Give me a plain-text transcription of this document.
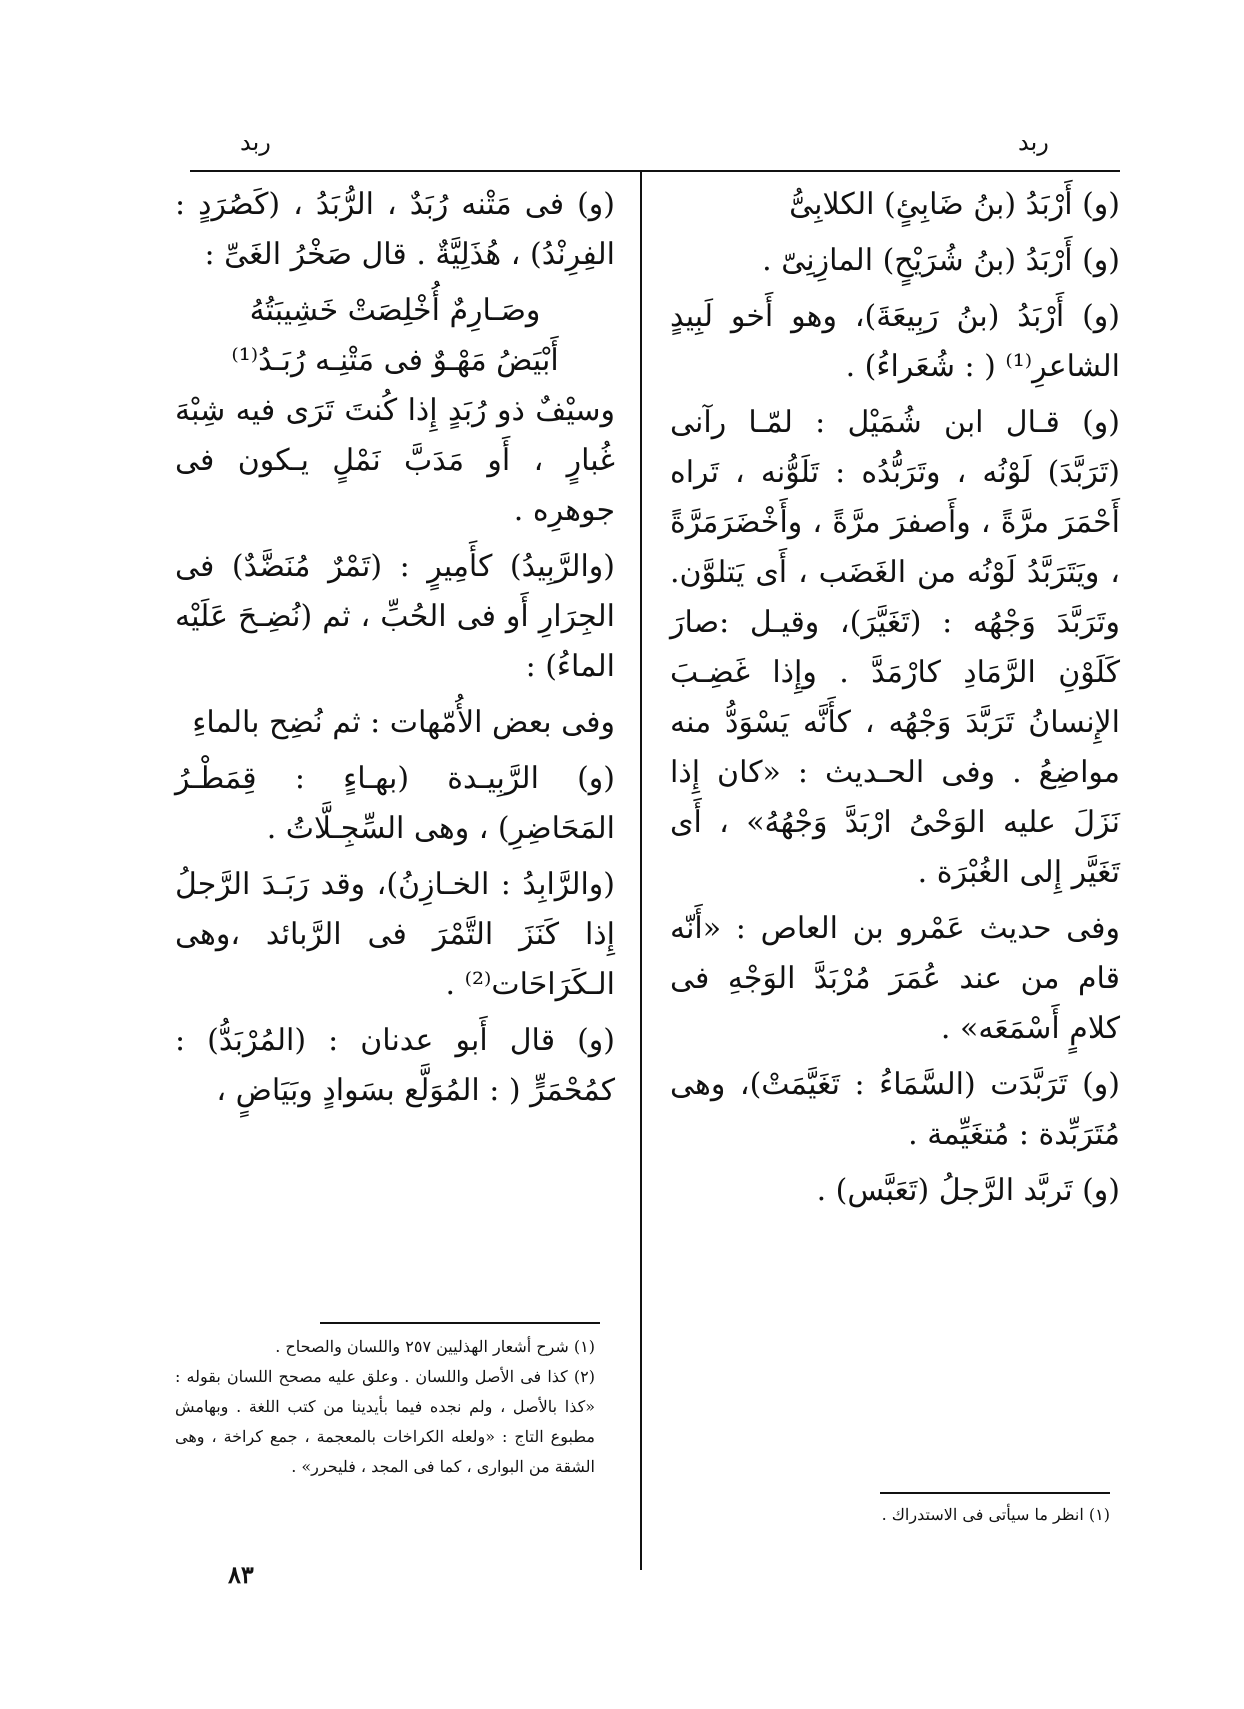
ربد
ربد

(و) أَرْبَدُ (بنُ ضَابِئٍ) الكلابِىُّ

(و) أَرْبَدُ (بنُ شُرَيْحٍ) المازِنِىّ .

(و) أَرْبَدُ (بنُ رَبِيعَةَ)، وهو أَخو لَبِيدٍ الشاعرِ⁽¹⁾ ( : شُعَراءُ) .

(و) قـال ابن شُمَيْل : لمّـا رآنى (تَرَبَّدَ) لَوْنُه ، وتَرَبُّدُه : تَلَوُّنه ، تَراه أَحْمَرَ مرَّةً ، وأَصفرَ مرَّةً ، وأَخْضَرَمَرَّةً ، ويَتَرَبَّدُ لَوْنُه من الغَضَب ، أَى يَتلوَّن. وتَرَبَّدَ وَجْهُه : (تَغَيَّرَ)، وقيـل :صارَ كَلَوْنِ الرَّمَادِ كارْمَدَّ . وإِذا غَضِـبَ الإِنسانُ تَرَبَّدَ وَجْهُه ، كأَنَّه يَسْوَدُّ منه مواضِعُ . وفى الحـديث : «كان إِذا نَزَلَ عليه الوَحْىُ ارْبَدَّ وَجْهُهُ» ، أَى تَغَيَّر إِلى الغُبْرَة .

وفى حديث عَمْرو بن العاص : «أَنّه قام من عند عُمَرَ مُرْبَدَّ الوَجْهِ فى كلامٍ أَسْمَعَه» .

(و) تَرَبَّدَت (السَّمَاءُ : تَغَيَّمَتْ)، وهى مُتَرَبِّدة : مُتغَيِّمة .

(و) تَربَّد الرَّجلُ (تَعَبَّس) .

(و) فى مَتْنه رُبَدٌ ، الرُّبَدُ ، (كَصُرَدٍ : الفِرِنْدُ) ، هُذَلِيَّةٌ . قال صَخْرُ الغَىِّ :

وصَـارِمٌ أُخْلِصَتْ خَشِيبَتُهُ

أَبْيَضُ مَهْـوٌ فى مَتْنِـه رُبَـدُ⁽¹⁾

وسيْفٌ ذو رُبَدٍ إِذا كُنتَ تَرَى فيه شِبْهَ غُبارٍ ، أَو مَدَبَّ نَمْلٍ يـكون فى جوهرِه .

(والرَّبِيدُ) كأَمِيرٍ : (تَمْرٌ مُنَضَّدٌ) فى الجِرَارِ أَو فى الحُبِّ ، ثم (نُضِـحَ عَلَيْه الماءُ) :

وفى بعض الأُمّهات : ثم نُضِح بالماءِ

(و) الرَّبِيـدة (بهـاءٍ : قِمَطْـرُ المَحَاضِرِ) ، وهى السِّجِـلَّاتُ .

(والرَّابِدُ : الخـازِنُ)، وقد رَبَـدَ الرَّجلُ إِذا كَنَزَ التَّمْرَ فى الرَّبائد ،وهى الـكَرَاحَات⁽²⁾ .

(و) قال أَبو عدنان : (المُرْبَدُّ) : كمُحْمَرٍّ ( : المُوَلَّع بسَوادٍ وبَيَاضٍ ،

(١) شرح أشعار الهذليين ٢٥٧ واللسان والصحاح .

(٢) كذا فى الأصل واللسان . وعلق عليه مصحح اللسان بقوله : «كذا بالأصل ، ولم نجده فيما بأيدينا من كتب اللغة . وبهامش مطبوع التاج : «ولعله الكراخات بالمعجمة ، جمع كراخة ، وهى الشقة من البوارى ، كما فى المجد ، فليحرر» .

(١) انظر ما سيأتى فى الاستدراك .

٨٣
